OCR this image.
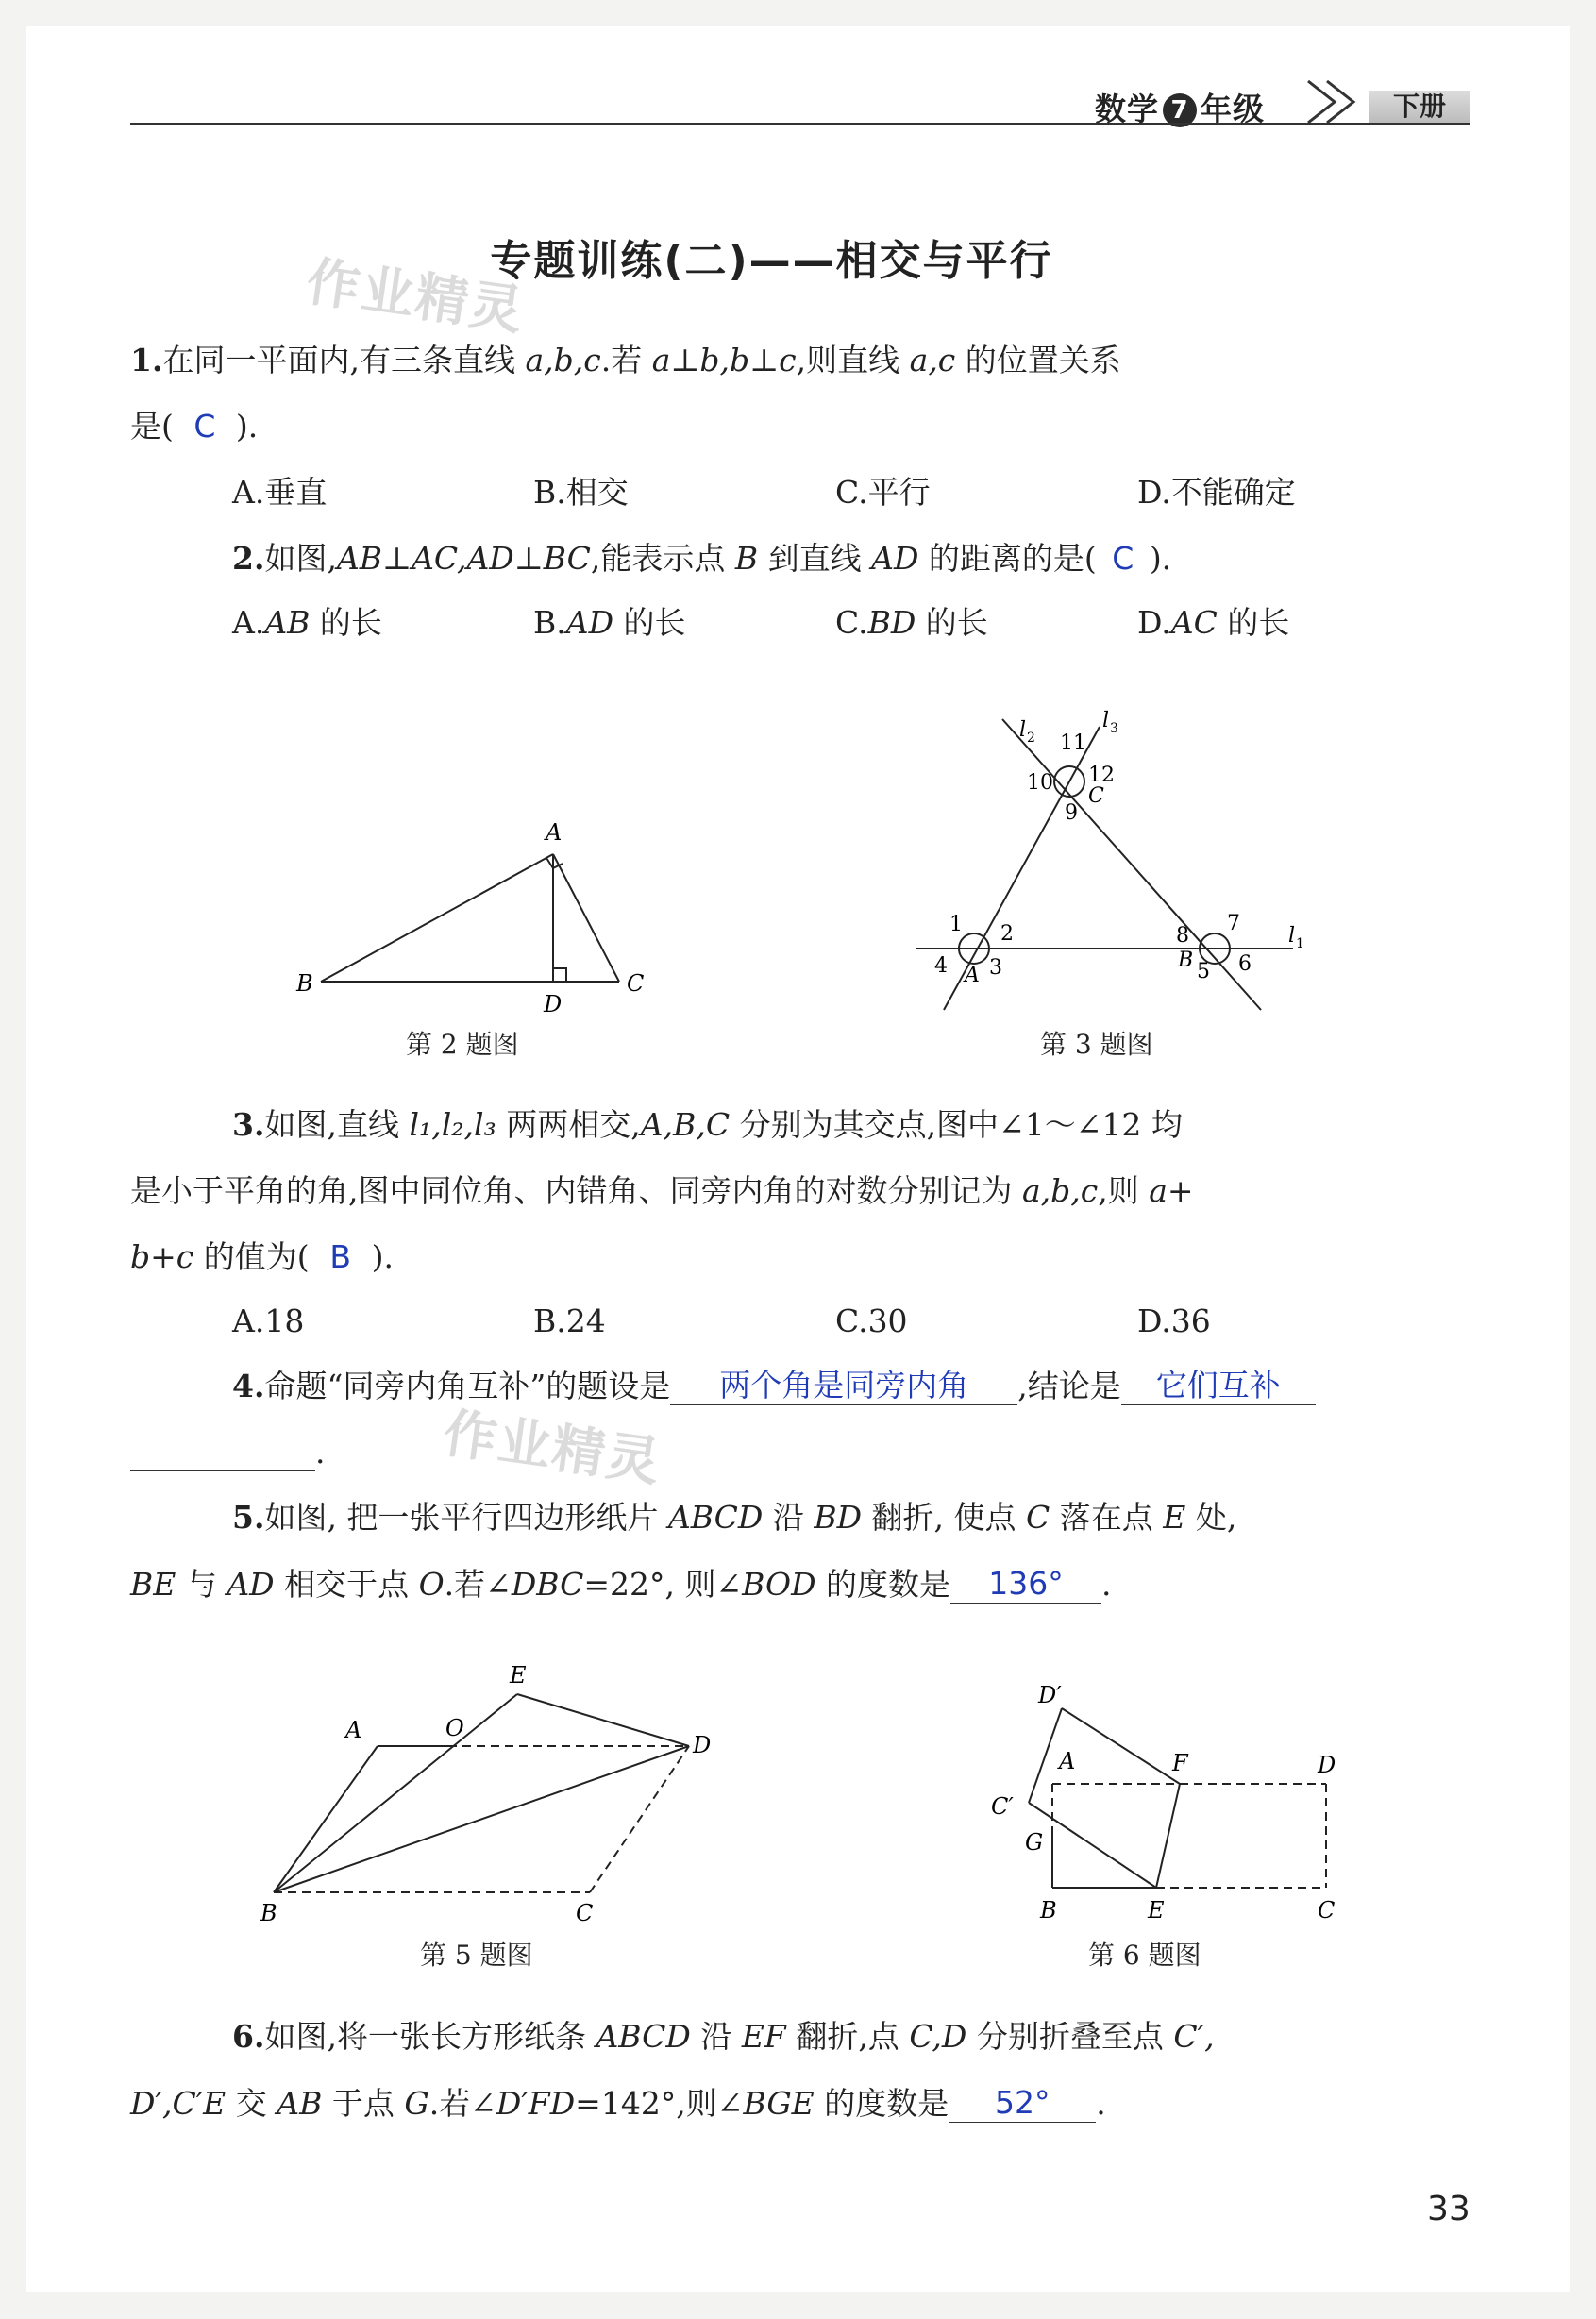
数学 7 年级	下册
作业精灵
作业精灵
专题训练(二)——相交与平行
1.在同一平面内,有三条直线 a,b,c.若 a⊥b,b⊥c,则直线 a,c 的位置关系
是( C ).
A.垂直	B.相交	C.平行	D.不能确定
2.如图,AB⊥AC,AD⊥BC,能表示点 B 到直线 AD 的距离的是( C ).
A.AB 的长	B.AD 的长	C.BD 的长	D.AC 的长
A
B	C
D
第 2 题图
l 2
l 3
l 1
11
10 12
C
9
1 2
4 A 3
8
7
B 5 6
第 3 题图
3.如图,直线 l₁,l₂,l₃ 两两相交,A,B,C 分别为其交点,图中∠1～∠12 均
是小于平角的角,图中同位角、内错角、同旁内角的对数分别记为 a,b,c,则 a+
b+c 的值为( B ).
A.18	B.24	C.30	D.36
4.命题“同旁内角互补”的题设是 两个角是同旁内角 ,结论是 它们互补
.
5.如图, 把一张平行四边形纸片 ABCD 沿 BD 翻折, 使点 C 落在点 E 处,
BE 与 AD 相交于点 O.若∠DBC=22°, 则∠BOD 的度数是 136° .
A	O
E
D
B	C
第 5 题图
D′
A	F	D
C′
G
B	E	C
第 6 题图
6.如图,将一张长方形纸条 ABCD 沿 EF 翻折,点 C,D 分别折叠至点 C′,
D′,C′E 交 AB 于点 G.若∠D′FD=142°,则∠BGE 的度数是 52° .
33
